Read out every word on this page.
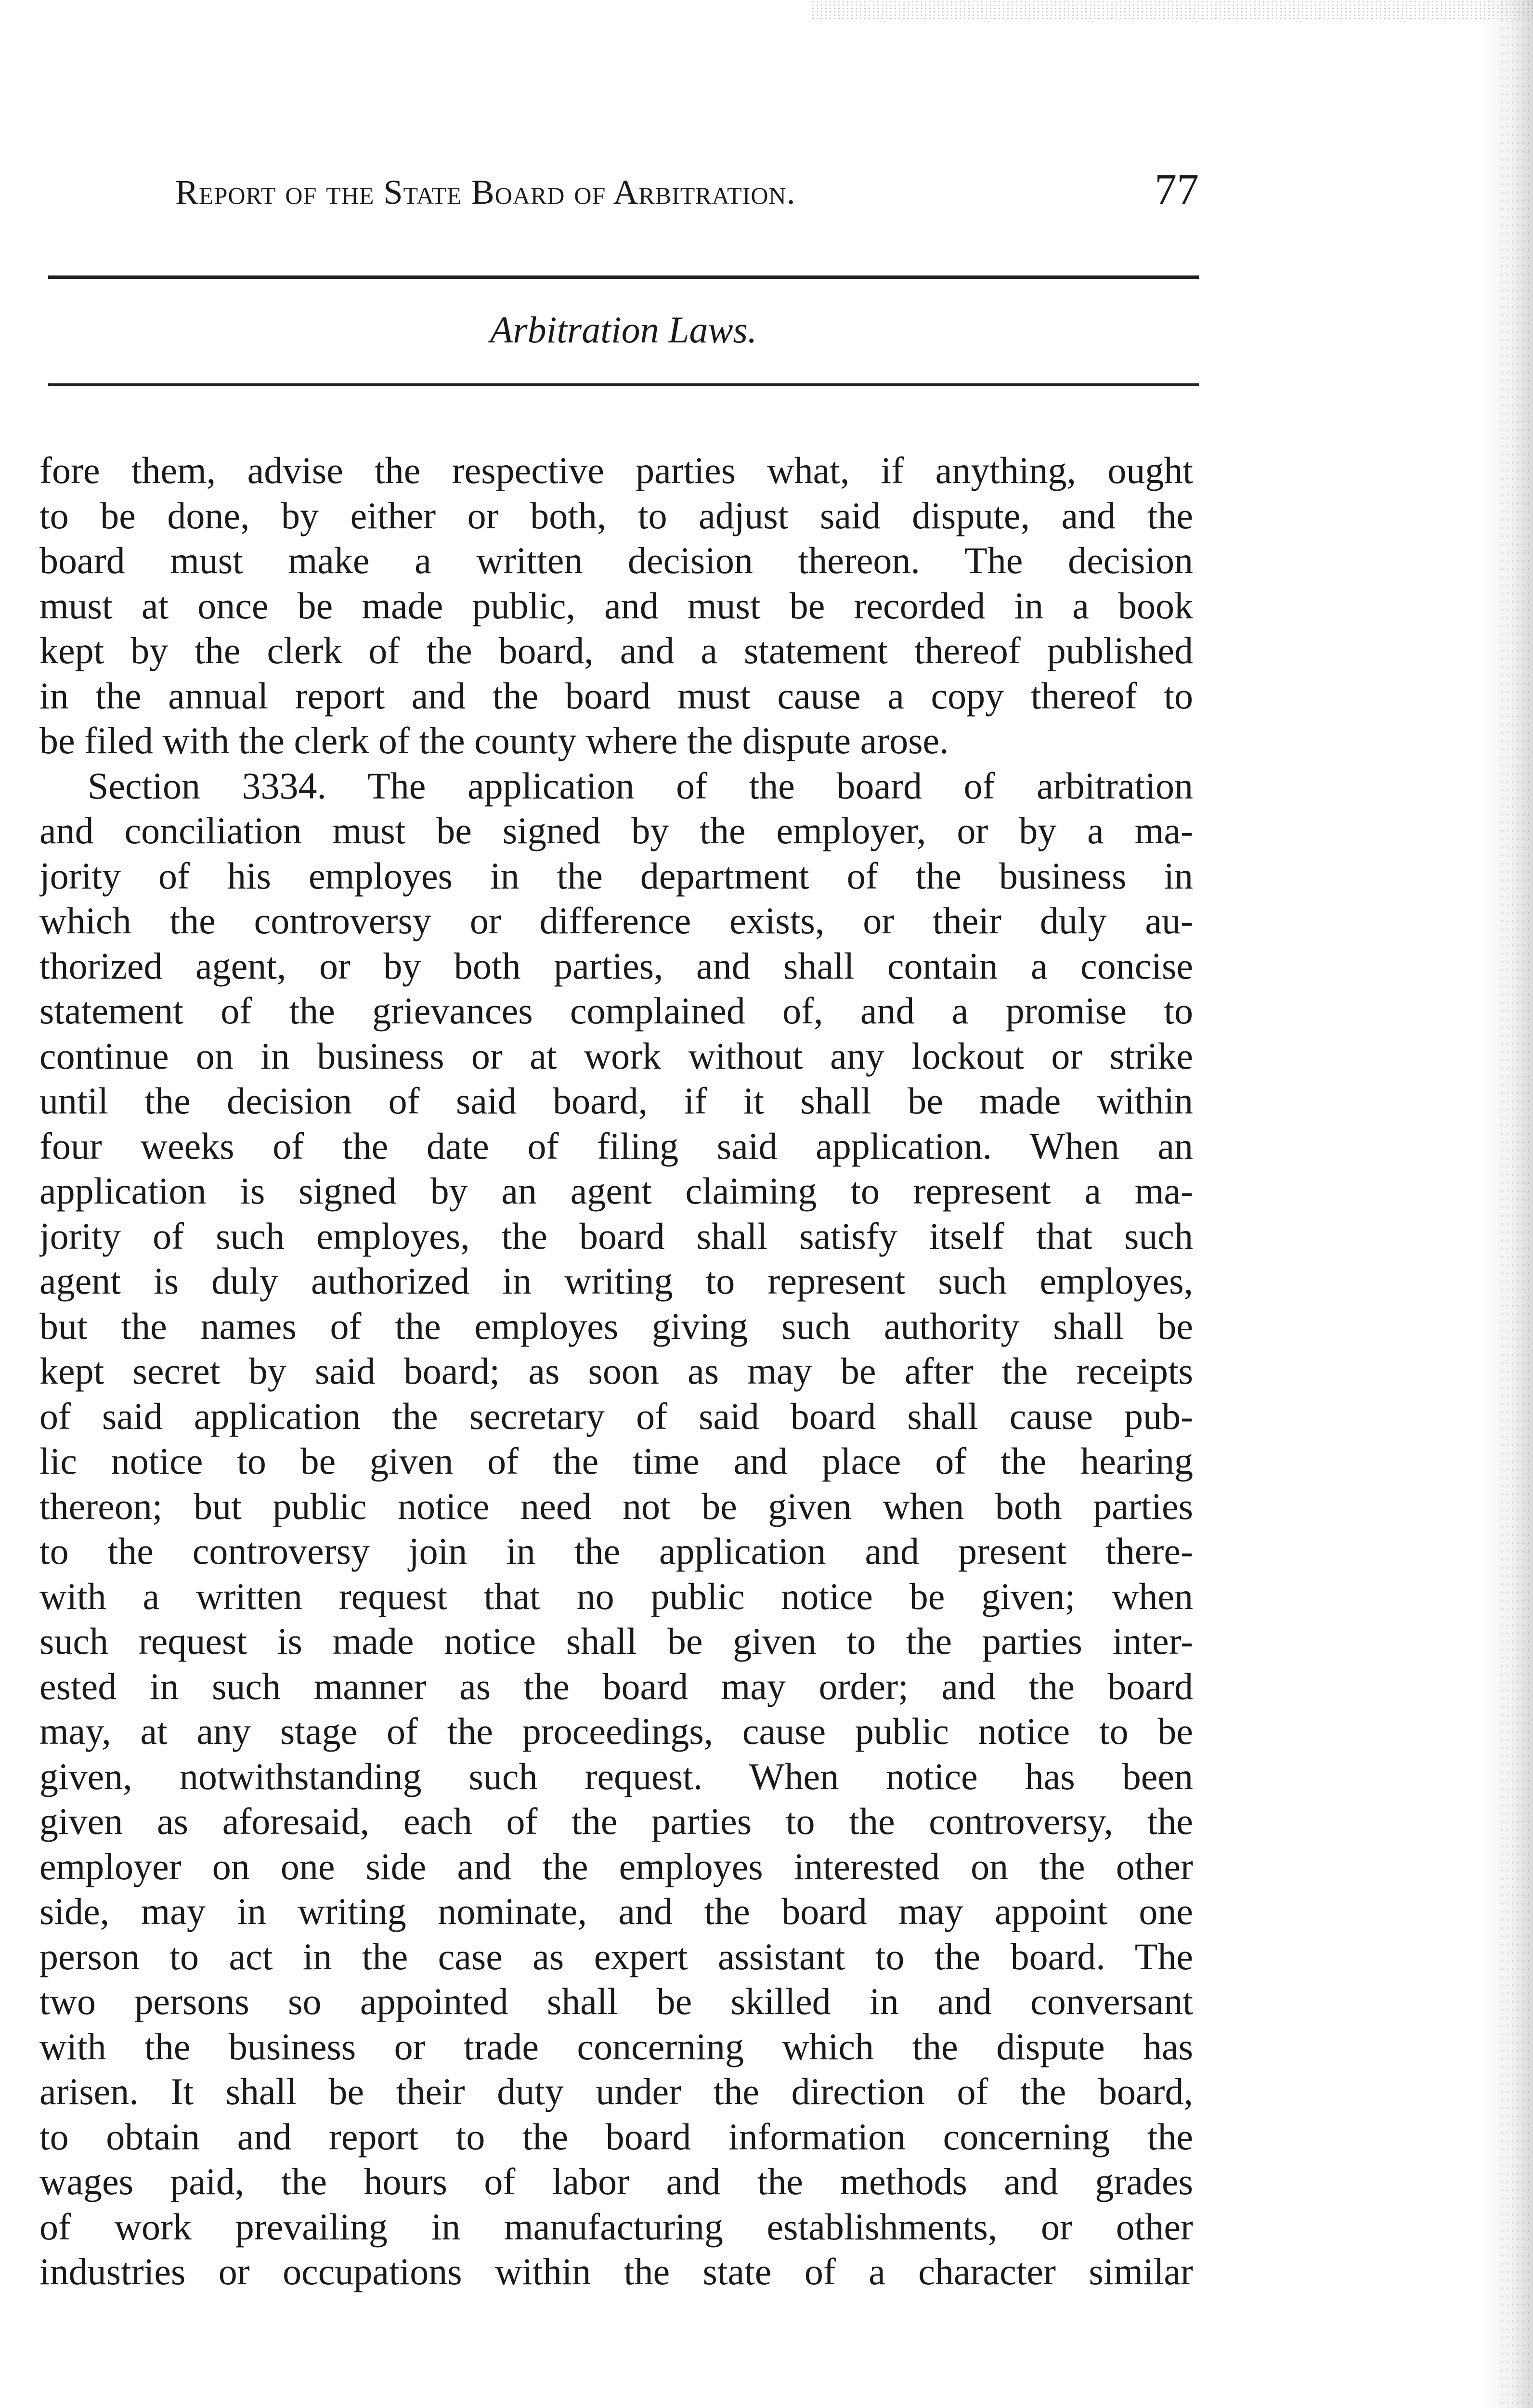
Report of the State Board of Arbitration.	77
Arbitration Laws.
fore them, advise the respective parties what, if anything, ought
to be done, by either or both, to adjust said dispute, and the
board must make a written decision thereon. The decision
must at once be made public, and must be recorded in a book
kept by the clerk of the board, and a statement thereof published
in the annual report and the board must cause a copy thereof to
be filed with the clerk of the county where the dispute arose.
Section 3334. The application of the board of arbitration
and conciliation must be signed by the employer, or by a ma-
jority of his employes in the department of the business in
which the controversy or difference exists, or their duly au-
thorized agent, or by both parties, and shall contain a concise
statement of the grievances complained of, and a promise to
continue on in business or at work without any lockout or strike
until the decision of said board, if it shall be made within
four weeks of the date of filing said application. When an
application is signed by an agent claiming to represent a ma-
jority of such employes, the board shall satisfy itself that such
agent is duly authorized in writing to represent such employes,
but the names of the employes giving such authority shall be
kept secret by said board; as soon as may be after the receipts
of said application the secretary of said board shall cause pub-
lic notice to be given of the time and place of the hearing
thereon; but public notice need not be given when both parties
to the controversy join in the application and present there-
with a written request that no public notice be given; when
such request is made notice shall be given to the parties inter-
ested in such manner as the board may order; and the board
may, at any stage of the proceedings, cause public notice to be
given, notwithstanding such request. When notice has been
given as aforesaid, each of the parties to the controversy, the
employer on one side and the employes interested on the other
side, may in writing nominate, and the board may appoint one
person to act in the case as expert assistant to the board. The
two persons so appointed shall be skilled in and conversant
with the business or trade concerning which the dispute has
arisen. It shall be their duty under the direction of the board,
to obtain and report to the board information concerning the
wages paid, the hours of labor and the methods and grades
of work prevailing in manufacturing establishments, or other
industries or occupations within the state of a character similar
